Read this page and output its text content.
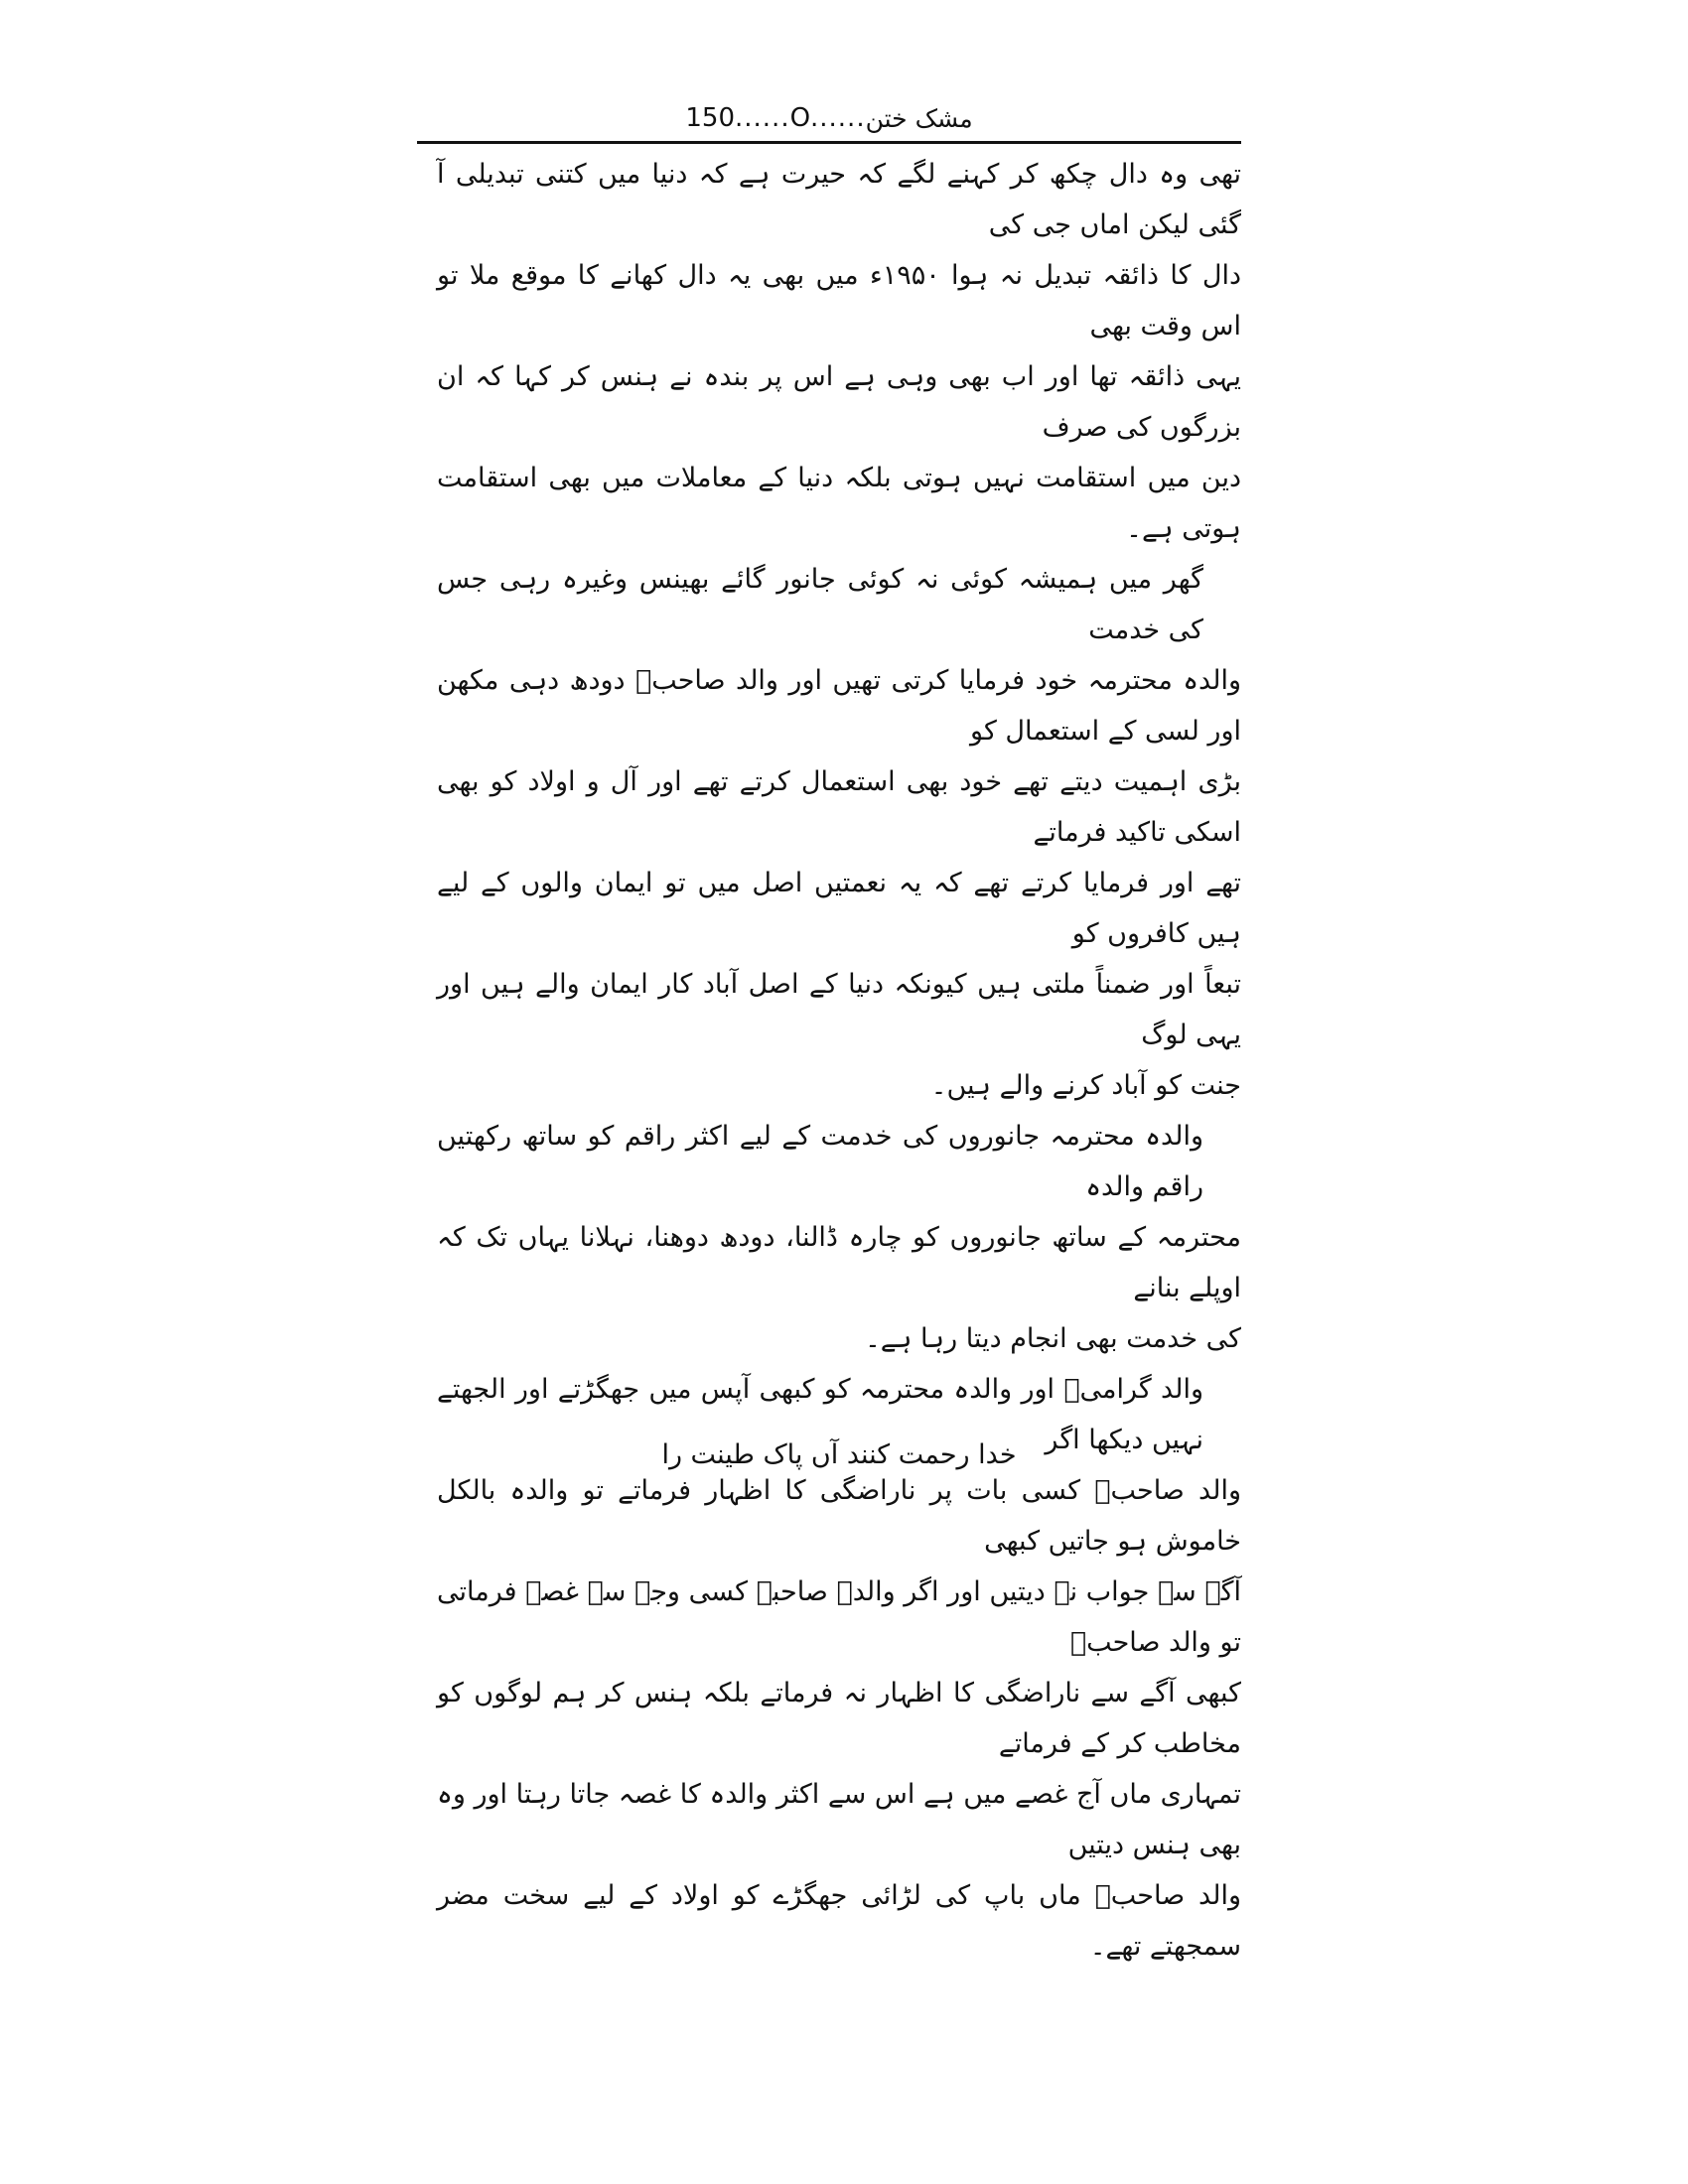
150 ......O...... مشک ختن

تھی وہ دال چکھ کر کہنے لگے کہ حیرت ہے کہ دنیا میں کتنی تبدیلی آ گئی لیکن اماں جی کی
دال کا ذائقہ تبدیل نہ ہوا ۱۹۵۰ء میں بھی یہ دال کھانے کا موقع ملا تو اس وقت بھی
یہی ذائقہ تھا اور اب بھی وہی ہے اس پر بندہ نے ہنس کر کہا کہ ان بزرگوں کی صرف
دین میں استقامت نہیں ہوتی بلکہ دنیا کے معاملات میں بھی استقامت ہوتی ہے۔

گھر میں ہمیشہ کوئی نہ کوئی جانور گائے بھینس وغیرہ رہی جس کی خدمت
والدہ محترمہ خود فرمایا کرتی تھیں اور والد صاحبؒ دودھ دہی مکھن اور لسی کے استعمال کو
بڑی اہمیت دیتے تھے خود بھی استعمال کرتے تھے اور آل و اولاد کو بھی اسکی تاکید فرماتے
تھے اور فرمایا کرتے تھے کہ یہ نعمتیں اصل میں تو ایمان والوں کے لیے ہیں کافروں کو
تبعاً اور ضمناً ملتی ہیں کیونکہ دنیا کے اصل آباد کار ایمان والے ہیں اور یہی لوگ
جنت کو آباد کرنے والے ہیں۔

والدہ محترمہ جانوروں کی خدمت کے لیے اکثر راقم کو ساتھ رکھتیں راقم والدہ
محترمہ کے ساتھ جانوروں کو چارہ ڈالنا، دودھ دوھنا، نہلانا یہاں تک کہ اوپلے بنانے
کی خدمت بھی انجام دیتا رہا ہے۔

والد گرامیؒ اور والدہ محترمہ کو کبھی آپس میں جھگڑتے اور الجھتے نہیں دیکھا اگر
والد صاحبؒ کسی بات پر ناراضگی کا اظہار فرماتے تو والدہ بالکل خاموش ہو جاتیں کبھی
آگے سے جواب نہ دیتیں اور اگر والدہ صاحبہ کسی وجہ سے غصہ فرماتی تو والد صاحبؒ
کبھی آگے سے ناراضگی کا اظہار نہ فرماتے بلکہ ہنس کر ہم لوگوں کو مخاطب کر کے فرماتے
تمہاری ماں آج غصے میں ہے اس سے اکثر والدہ کا غصہ جاتا رہتا اور وہ بھی ہنس دیتیں
والد صاحبؒ ماں باپ کی لڑائی جھگڑے کو اولاد کے لیے سخت مضر سمجھتے تھے۔

خدا رحمت کنند آں پاک طینت را
